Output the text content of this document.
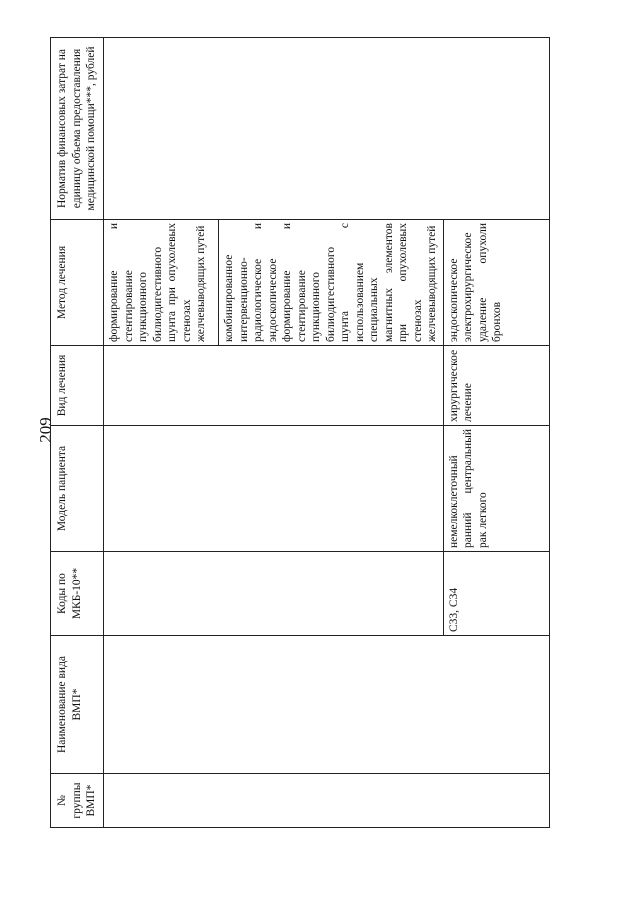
209
№ группы ВМП*	Наименование вида ВМП*	Коды по МКБ-10**	Модель пациента	Вид лечения	Метод лечения	Норматив финансовых затрат на единицу объема предоставления медицинской помощи***, рублей
					формирование и стентирование пункционного билиодигестивного шунта при опухолевых стенозах желчевыводящих путей	
					комбинированное интервенционно-радиологическое и эндоскопическое формирование и стентирование пункционного билиодигестивного шунта с использованием специальных магнитных элементов при опухолевых стенозах желчевыводящих путей	
		C33, C34	немелкоклеточный ранний центральный рак легкого	хирургическое лечение	эндоскопическое электрохирургическое удаление опухоли бронхов	
